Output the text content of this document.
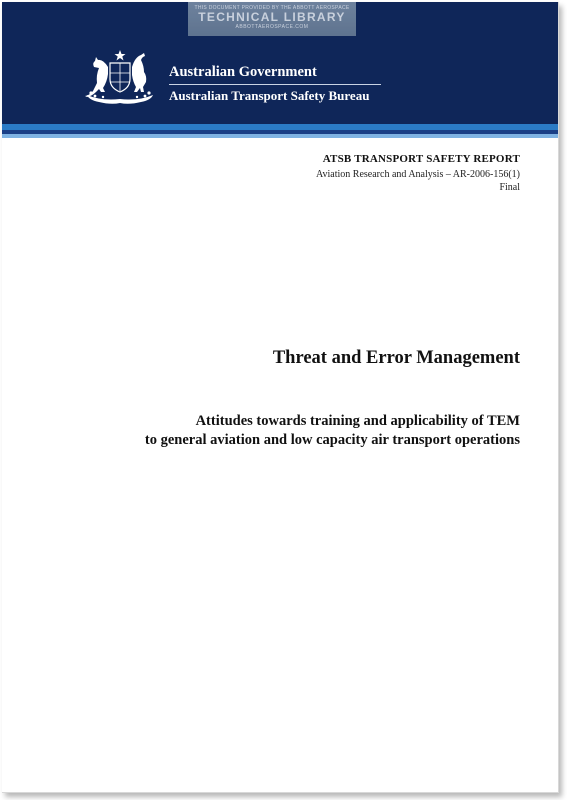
Australian Government
Australian Transport Safety Bureau
THIS DOCUMENT PROVIDED BY THE ABBOTT AEROSPACE
TECHNICAL LIBRARY
ABBOTTAEROSPACE.COM
ATSB TRANSPORT SAFETY REPORT
Aviation Research and Analysis – AR-2006-156(1)
Final
Threat and Error Management
Attitudes towards training and applicability of TEM
to general aviation and low capacity air transport operations
